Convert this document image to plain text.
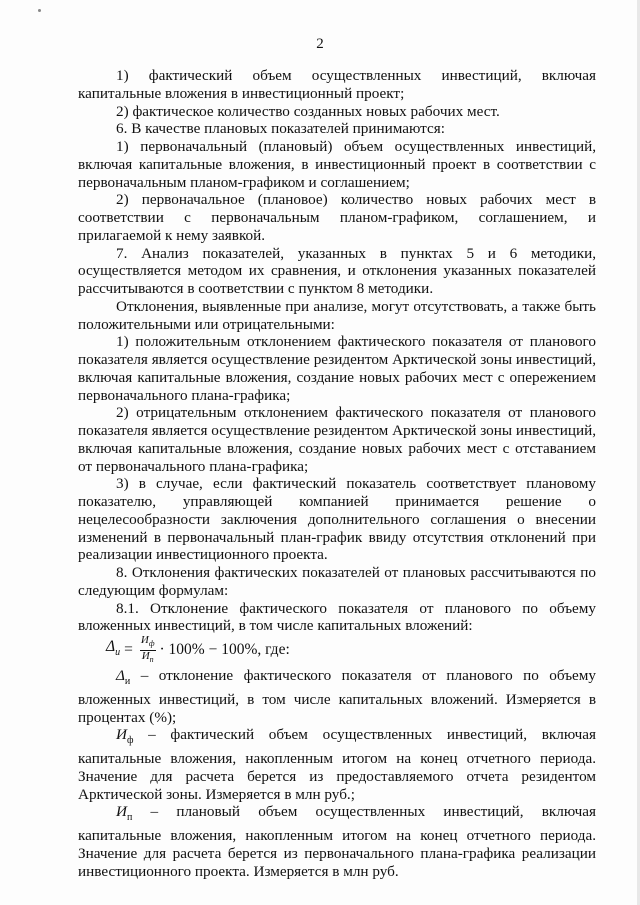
2

1) фактический объем осуществленных инвестиций, включая капитальные вложения в инвестиционный проект;

2) фактическое количество созданных новых рабочих мест.

6. В качестве плановых показателей принимаются:

1) первоначальный (плановый) объем осуществленных инвестиций, включая капитальные вложения, в инвестиционный проект в соответствии с первоначальным планом-графиком и соглашением;

2) первоначальное (плановое) количество новых рабочих мест в соответствии с первоначальным планом-графиком, соглашением, и прилагаемой к нему заявкой.

7. Анализ показателей, указанных в пунктах 5 и 6 методики, осуществляется методом их сравнения, и отклонения указанных показателей рассчитываются в соответствии с пунктом 8 методики.

Отклонения, выявленные при анализе, могут отсутствовать, а также быть положительными или отрицательными:

1) положительным отклонением фактического показателя от планового показателя является осуществление резидентом Арктической зоны инвестиций, включая капитальные вложения, создание новых рабочих мест с опережением первоначального плана-графика;

2) отрицательным отклонением фактического показателя от планового показателя является осуществление резидентом Арктической зоны инвестиций, включая капитальные вложения, создание новых рабочих мест с отставанием от первоначального плана-графика;

3) в случае, если фактический показатель соответствует плановому показателю, управляющей компанией принимается решение о нецелесообразности заключения дополнительного соглашения о внесении изменений в первоначальный план-график ввиду отсутствия отклонений при реализации инвестиционного проекта.

8. Отклонения фактических показателей от плановых рассчитываются по следующим формулам:

8.1. Отклонение фактического показателя от планового по объему вложенных инвестиций, в том числе капитальных вложений:

$\Delta_и = \frac{И_ф}{И_п} \cdot 100\% - 100\%$, где:

$\Delta_и$ – отклонение фактического показателя от планового по объему вложенных инвестиций, в том числе капитальных вложений. Измеряется в процентах (%);

$И_ф$ – фактический объем осуществленных инвестиций, включая капитальные вложения, накопленным итогом на конец отчетного периода. Значение для расчета берется из предоставляемого отчета резидентом Арктической зоны. Измеряется в млн руб.;

$И_п$ – плановый объем осуществленных инвестиций, включая капитальные вложения, накопленным итогом на конец отчетного периода. Значение для расчета берется из первоначального плана-графика реализации инвестиционного проекта. Измеряется в млн руб.
